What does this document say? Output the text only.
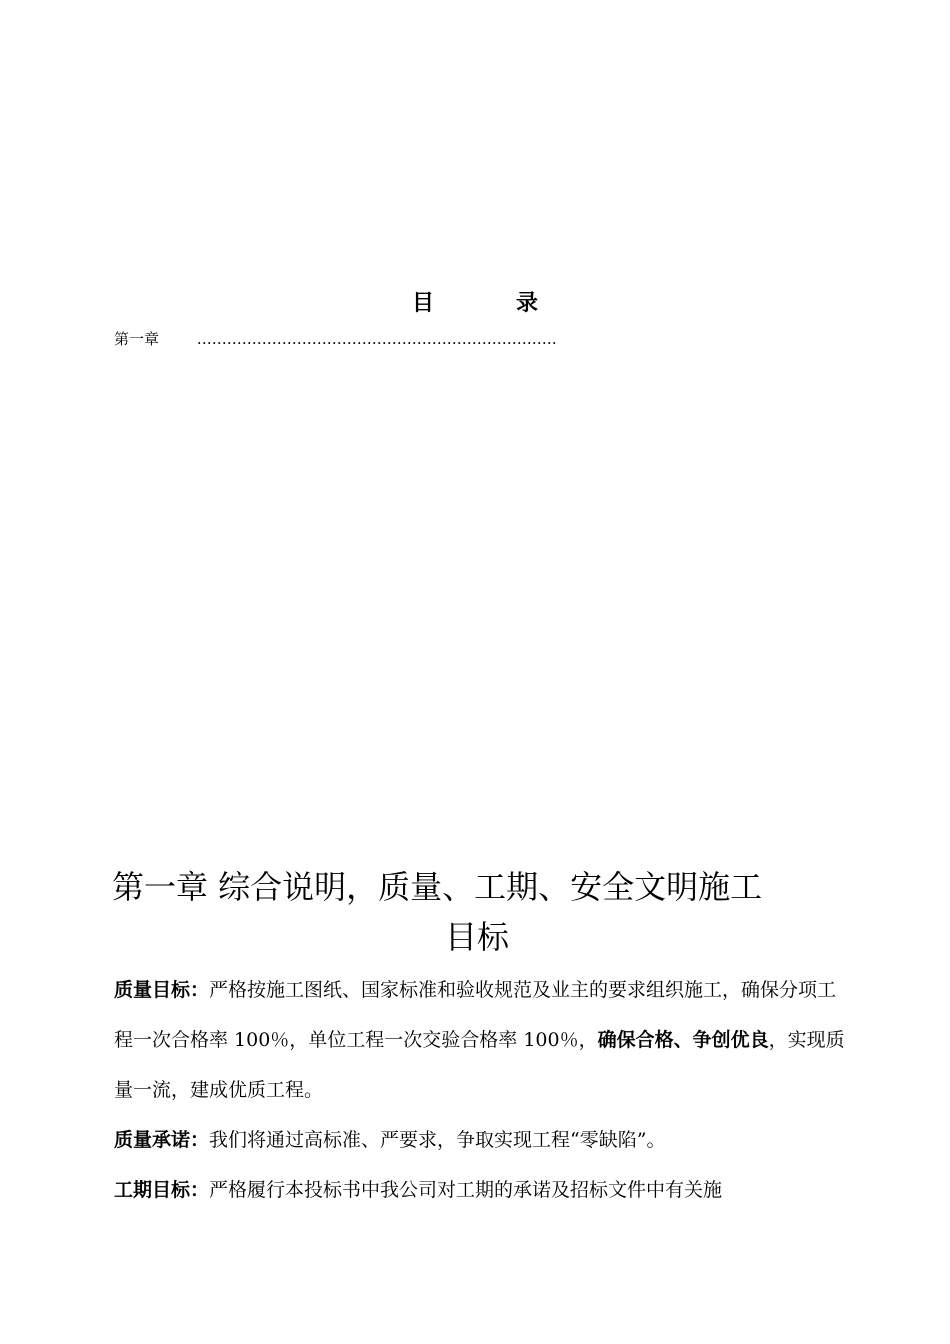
目　录
第一章	………………………………………………………………
第一章 综合说明，质量、工期、安全文明施工
目标

质量目标：严格按施工图纸、国家标准和验收规范及业主的要求组织施工，确保分项工程一次合格率 100％，单位工程一次交验合格率 100％，确保合格、争创优良，实现质量一流，建成优质工程。

质量承诺：我们将通过高标准、严要求，争取实现工程“零缺陷”。

工期目标：严格履行本投标书中我公司对工期的承诺及招标文件中有关施
